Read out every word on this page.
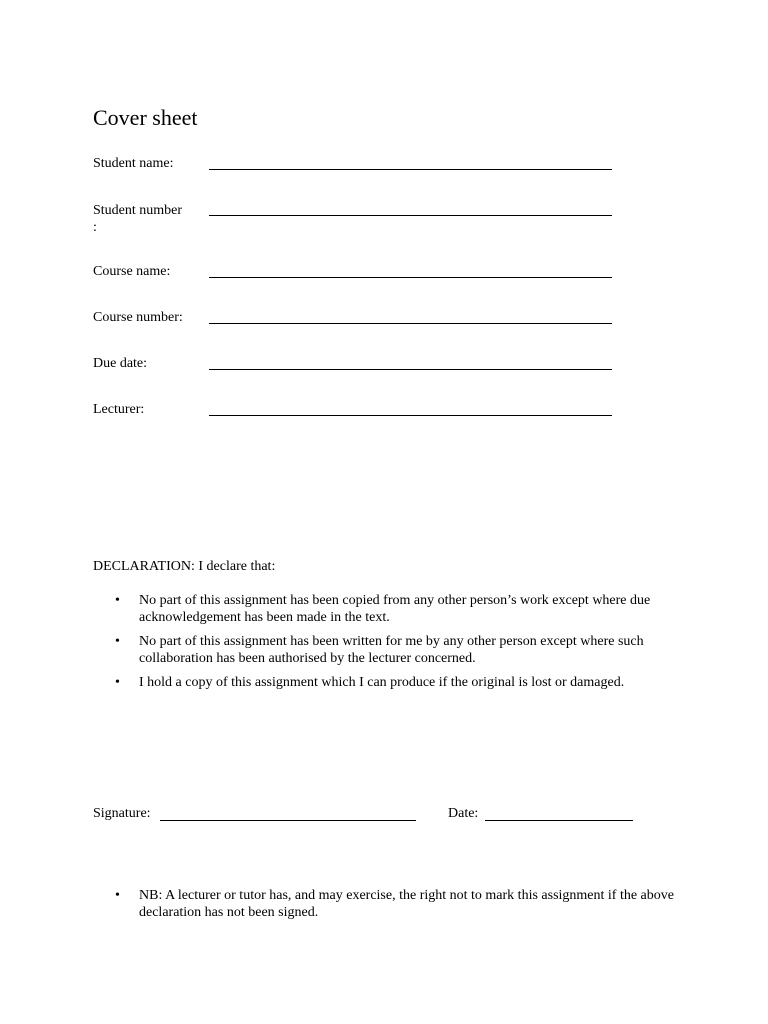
Cover sheet
Student name:
Student number
:
Course name:
Course number:
Due date:
Lecturer:
DECLARATION: I declare that:
• No part of this assignment has been copied from any other person’s work except where due acknowledgement has been made in the text.
• No part of this assignment has been written for me by any other person except where such collaboration has been authorised by the lecturer concerned.
• I hold a copy of this assignment which I can produce if the original is lost or damaged.
Signature:	Date:
• NB: A lecturer or tutor has, and may exercise, the right not to mark this assignment if the above declaration has not been signed.
